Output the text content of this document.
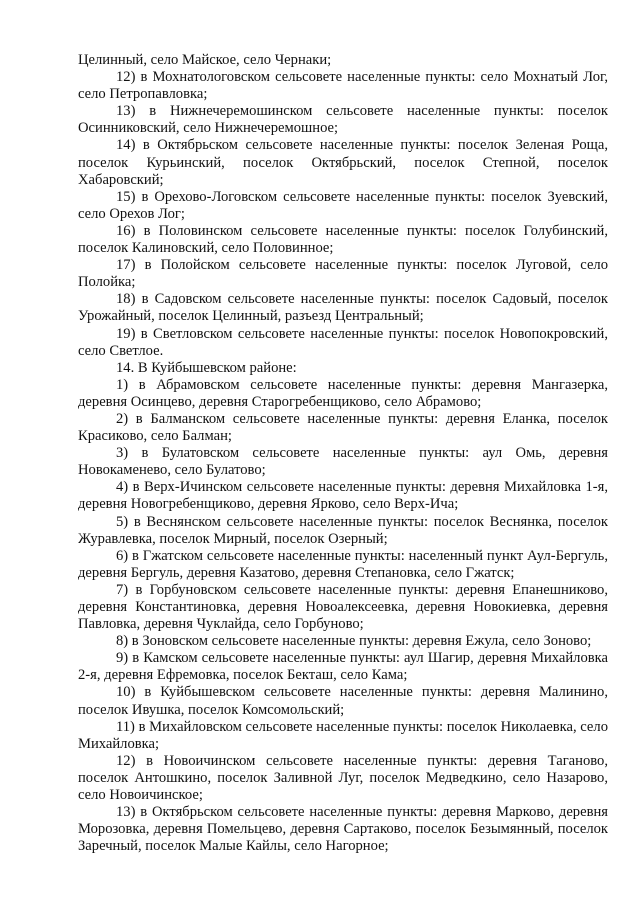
Целинный, село Майское, село Чернаки;

12) в Мохнатологовском сельсовете населенные пункты: село Мохнатый Лог, село Петропавловка;

13) в Нижнечеремошинском сельсовете населенные пункты: поселок Осинниковский, село Нижнечеремошное;

14) в Октябрьском сельсовете населенные пункты: поселок Зеленая Роща, поселок Курьинский, поселок Октябрьский, поселок Степной, поселок Хабаровский;

15) в Орехово-Логовском сельсовете населенные пункты: поселок Зуевский, село Орехов Лог;

16) в Половинском сельсовете населенные пункты: поселок Голубинский, поселок Калиновский, село Половинное;

17) в Полойском сельсовете населенные пункты: поселок Луговой, село Полойка;

18) в Садовском сельсовете населенные пункты: поселок Садовый, поселок Урожайный, поселок Целинный, разъезд Центральный;

19) в Светловском сельсовете населенные пункты: поселок Новопокровский, село Светлое.

14. В Куйбышевском районе:

1) в Абрамовском сельсовете населенные пункты: деревня Мангазерка, деревня Осинцево, деревня Старогребенщиково, село Абрамово;

2) в Балманском сельсовете населенные пункты: деревня Еланка, поселок Красиково, село Балман;

3) в Булатовском сельсовете населенные пункты: аул Омь, деревня Новокаменево, село Булатово;

4) в Верх-Ичинском сельсовете населенные пункты: деревня Михайловка 1-я, деревня Новогребенщиково, деревня Ярково, село Верх-Ича;

5) в Веснянском сельсовете населенные пункты: поселок Веснянка, поселок Журавлевка, поселок Мирный, поселок Озерный;

6) в Гжатском сельсовете населенные пункты: населенный пункт Аул-Бергуль, деревня Бергуль, деревня Казатово, деревня Степановка, село Гжатск;

7) в Горбуновском сельсовете населенные пункты: деревня Епанешниково, деревня Константиновка, деревня Новоалексеевка, деревня Новокиевка, деревня Павловка, деревня Чуклайда, село Горбуново;

8) в Зоновском сельсовете населенные пункты: деревня Ежула, село Зоново;

9) в Камском сельсовете населенные пункты: аул Шагир, деревня Михайловка 2-я, деревня Ефремовка, поселок Бекташ, село Кама;

10) в Куйбышевском сельсовете населенные пункты: деревня Малинино, поселок Ивушка, поселок Комсомольский;

11) в Михайловском сельсовете населенные пункты: поселок Николаевка, село Михайловка;

12) в Новоичинском сельсовете населенные пункты: деревня Таганово, поселок Антошкино, поселок Заливной Луг, поселок Медведкино, село Назарово, село Новоичинское;

13) в Октябрьском сельсовете населенные пункты: деревня Марково, деревня Морозовка, деревня Помельцево, деревня Сартаково, поселок Безымянный, поселок Заречный, поселок Малые Кайлы, село Нагорное;
